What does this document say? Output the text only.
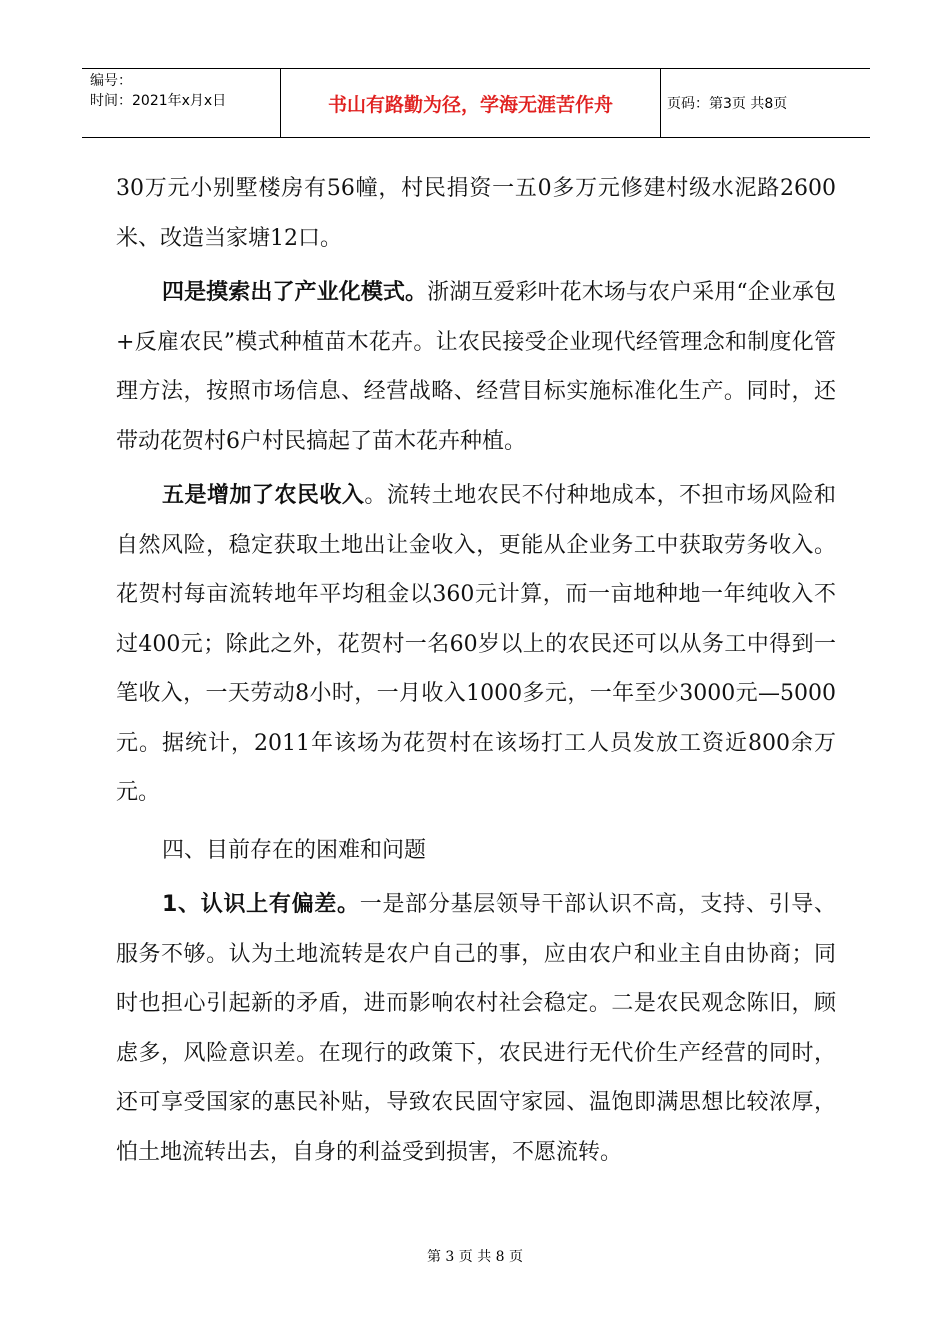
编号：
时间：2021年x月x日	书山有路勤为径，学海无涯苦作舟	页码：第3页 共8页

30万元小别墅楼房有56幢，村民捐资一五0多万元修建村级水泥路2600米、改造当家塘12口。

四是摸索出了产业化模式。浙湖互爱彩叶花木场与农户采用“企业承包+反雇农民”模式种植苗木花卉。让农民接受企业现代经管理念和制度化管理方法，按照市场信息、经营战略、经营目标实施标准化生产。同时，还带动花贺村6户村民搞起了苗木花卉种植。

五是增加了农民收入。流转土地农民不付种地成本，不担市场风险和自然风险，稳定获取土地出让金收入，更能从企业务工中获取劳务收入。花贺村每亩流转地年平均租金以360元计算，而一亩地种地一年纯收入不过400元；除此之外，花贺村一名60岁以上的农民还可以从务工中得到一笔收入，一天劳动8小时，一月收入1000多元，一年至少3000元—5000元。据统计，2011年该场为花贺村在该场打工人员发放工资近800余万元。

四、目前存在的困难和问题

1、认识上有偏差。一是部分基层领导干部认识不高，支持、引导、服务不够。认为土地流转是农户自己的事，应由农户和业主自由协商；同时也担心引起新的矛盾，进而影响农村社会稳定。二是农民观念陈旧，顾虑多，风险意识差。在现行的政策下，农民进行无代价生产经营的同时，还可享受国家的惠民补贴，导致农民固守家园、温饱即满思想比较浓厚，怕土地流转出去，自身的利益受到损害，不愿流转。

第 3 页 共 8 页
